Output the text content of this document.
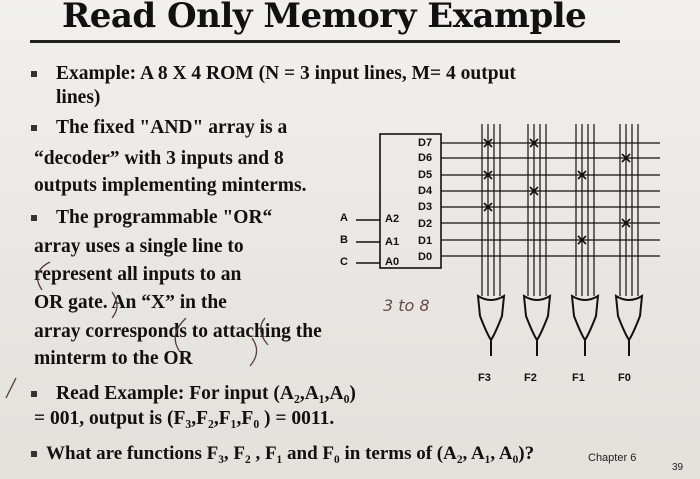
Read Only Memory Example
Example: A 8 X 4 ROM (N = 3 input lines, M= 4 output
lines)
The fixed "AND" array is a
“decoder” with 3 inputs and 8
outputs implementing minterms.
The programmable "OR“
array uses a single line to
represent all inputs to an
OR gate. An “X” in the
array corresponds to attaching the
minterm to the OR
Read Example: For input (A₂,A₁,A₀)
= 001, output is (F₃,F₂,F₁,F₀ ) = 0011.
What are functions F₃, F₂ , F₁ and F₀ in terms of (A₂, A₁, A₀)?
A
B
C
A2
A1
A0
D7
D6
D5
D4
D3
D2
D1
D0
F3	F2	F1	F0
3 to 8
Chapter 6
39
